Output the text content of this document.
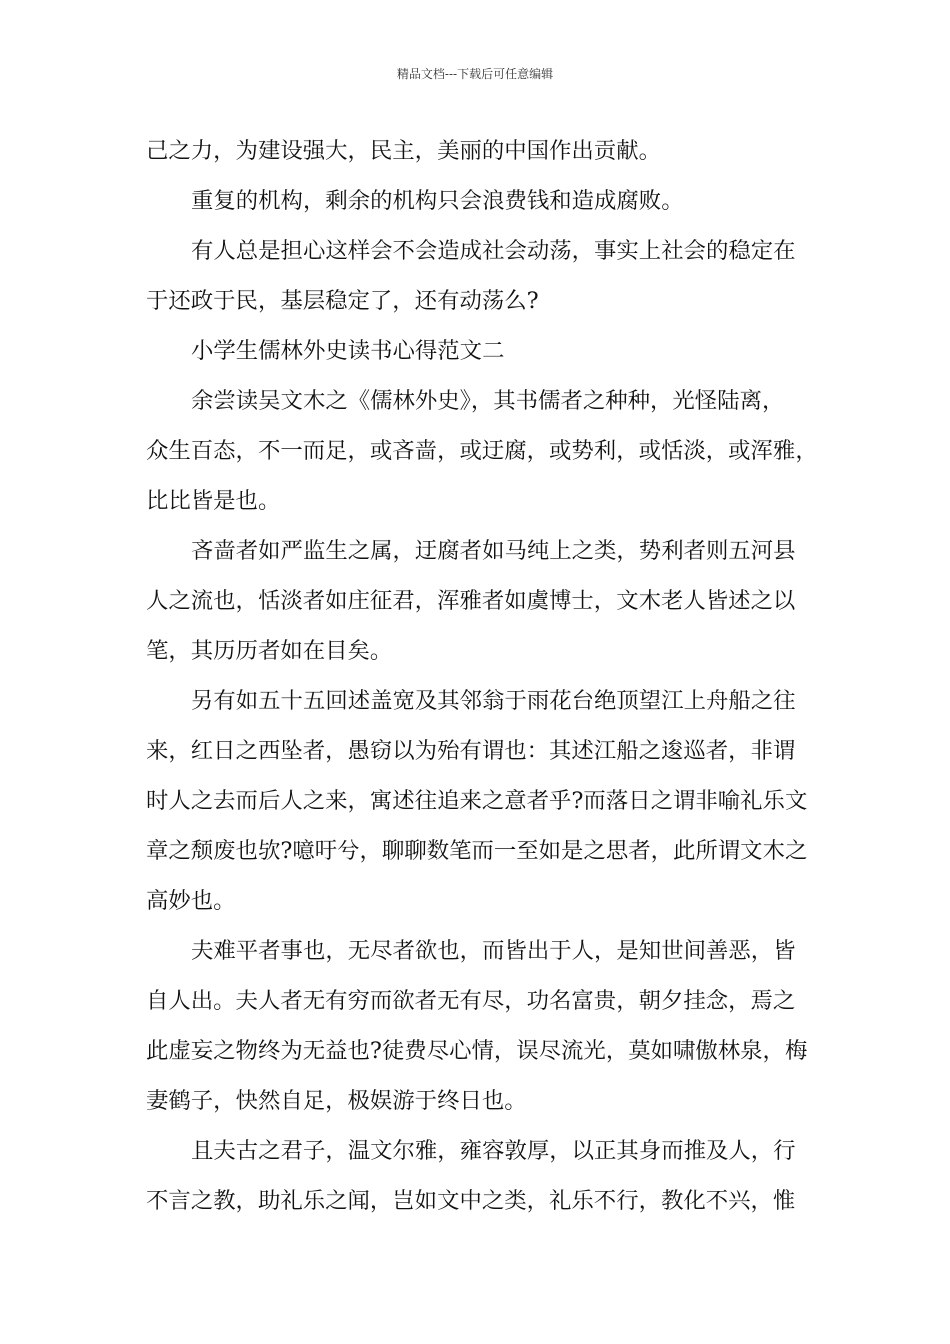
精品文档---下载后可任意编辑
己之力，为建设强大，民主，美丽的中国作出贡献。
重复的机构，剩余的机构只会浪费钱和造成腐败。
有人总是担心这样会不会造成社会动荡，事实上社会的稳定在
于还政于民，基层稳定了，还有动荡么?
小学生儒林外史读书心得范文二
余尝读吴文木之《儒林外史》，其书儒者之种种，光怪陆离，
众生百态，不一而足，或吝啬，或迂腐，或势利，或恬淡，或浑雅，
比比皆是也。
吝啬者如严监生之属，迂腐者如马纯上之类，势利者则五河县
人之流也，恬淡者如庄征君，浑雅者如虞博士，文木老人皆述之以
笔，其历历者如在目矣。
另有如五十五回述盖宽及其邻翁于雨花台绝顶望江上舟船之往
来，红日之西坠者，愚窃以为殆有谓也：其述江船之逡巡者，非谓
时人之去而后人之来，寓述往追来之意者乎?而落日之谓非喻礼乐文
章之颓废也欤?噫吁兮，聊聊数笔而一至如是之思者，此所谓文木之
高妙也。
夫难平者事也，无尽者欲也，而皆出于人，是知世间善恶，皆
自人出。夫人者无有穷而欲者无有尽，功名富贵，朝夕挂念，焉之
此虚妄之物终为无益也?徒费尽心情，误尽流光，莫如啸傲林泉，梅
妻鹤子，快然自足，极娱游于终日也。
且夫古之君子，温文尔雅，雍容敦厚，以正其身而推及人，行
不言之教，助礼乐之闻，岂如文中之类，礼乐不行，教化不兴，惟
